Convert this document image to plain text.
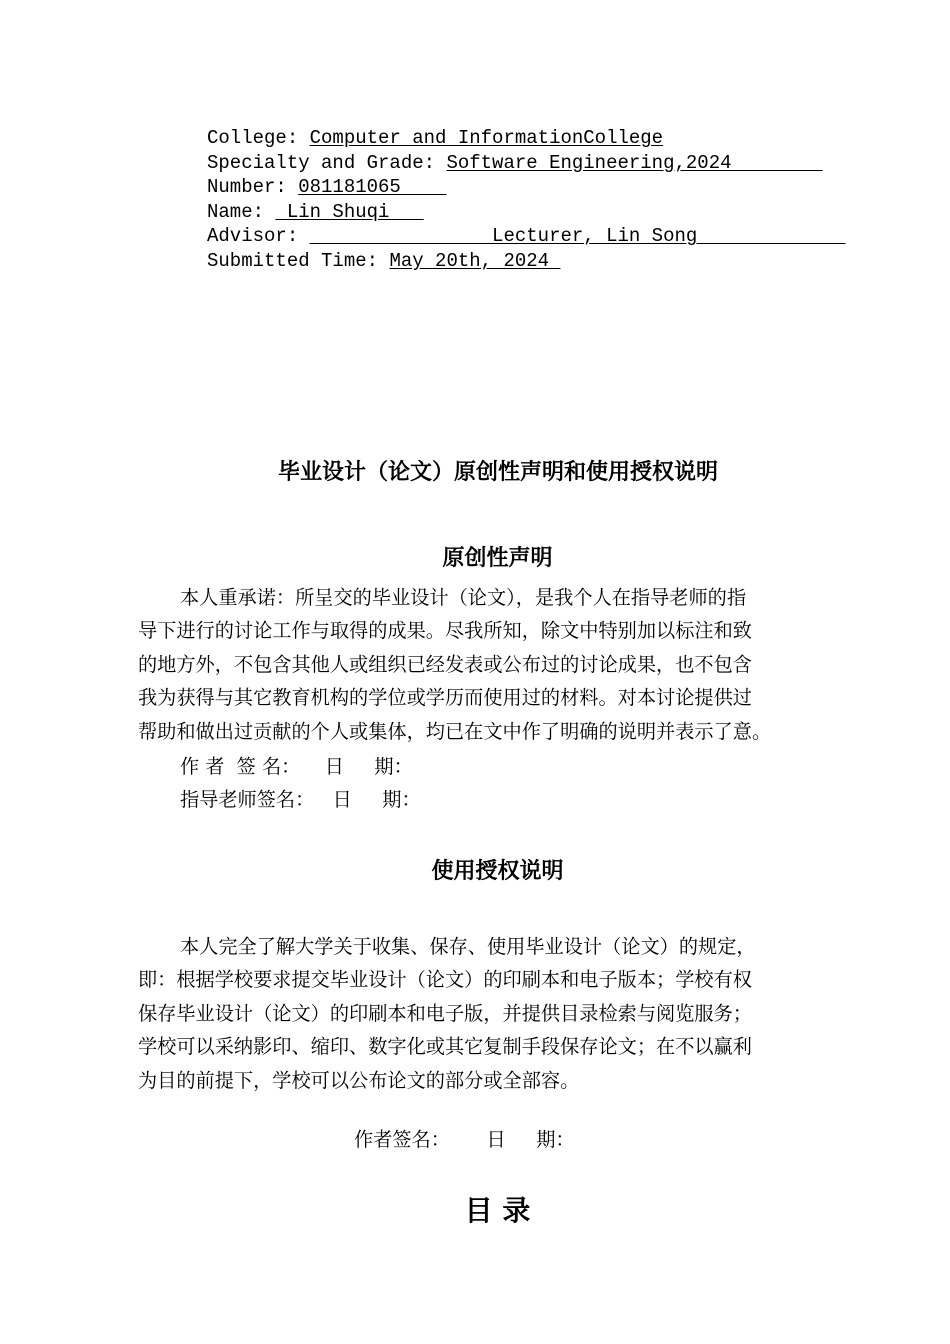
College: Computer and InformationCollege
Specialty and Grade: Software Engineering,2024
Number: 081181065
Name:  Lin Shuqi
Advisor:                 Lecturer, Lin Song
Submitted Time: May 20th, 2024
毕业设计（论文）原创性声明和使用授权说明
原创性声明
本人重承诺：所呈交的毕业设计（论文），是我个人在指导老师的指
导下进行的讨论工作与取得的成果。尽我所知，除文中特别加以标注和致
的地方外，不包含其他人或组织已经发表或公布过的讨论成果，也不包含
我为获得与其它教育机构的学位或学历而使用过的材料。对本讨论提供过
帮助和做出过贡献的个人或集体，均已在文中作了明确的说明并表示了意。
作 者  签 名：    日     期：
指导老师签名：   日     期：
使用授权说明
本人完全了解大学关于收集、保存、使用毕业设计（论文）的规定，
即：根据学校要求提交毕业设计（论文）的印刷本和电子版本；学校有权
保存毕业设计（论文）的印刷本和电子版，并提供目录检索与阅览服务；
学校可以采纳影印、缩印、数字化或其它复制手段保存论文；在不以赢利
为目的前提下，学校可以公布论文的部分或全部容。
作者签名：      日     期：
目 录
